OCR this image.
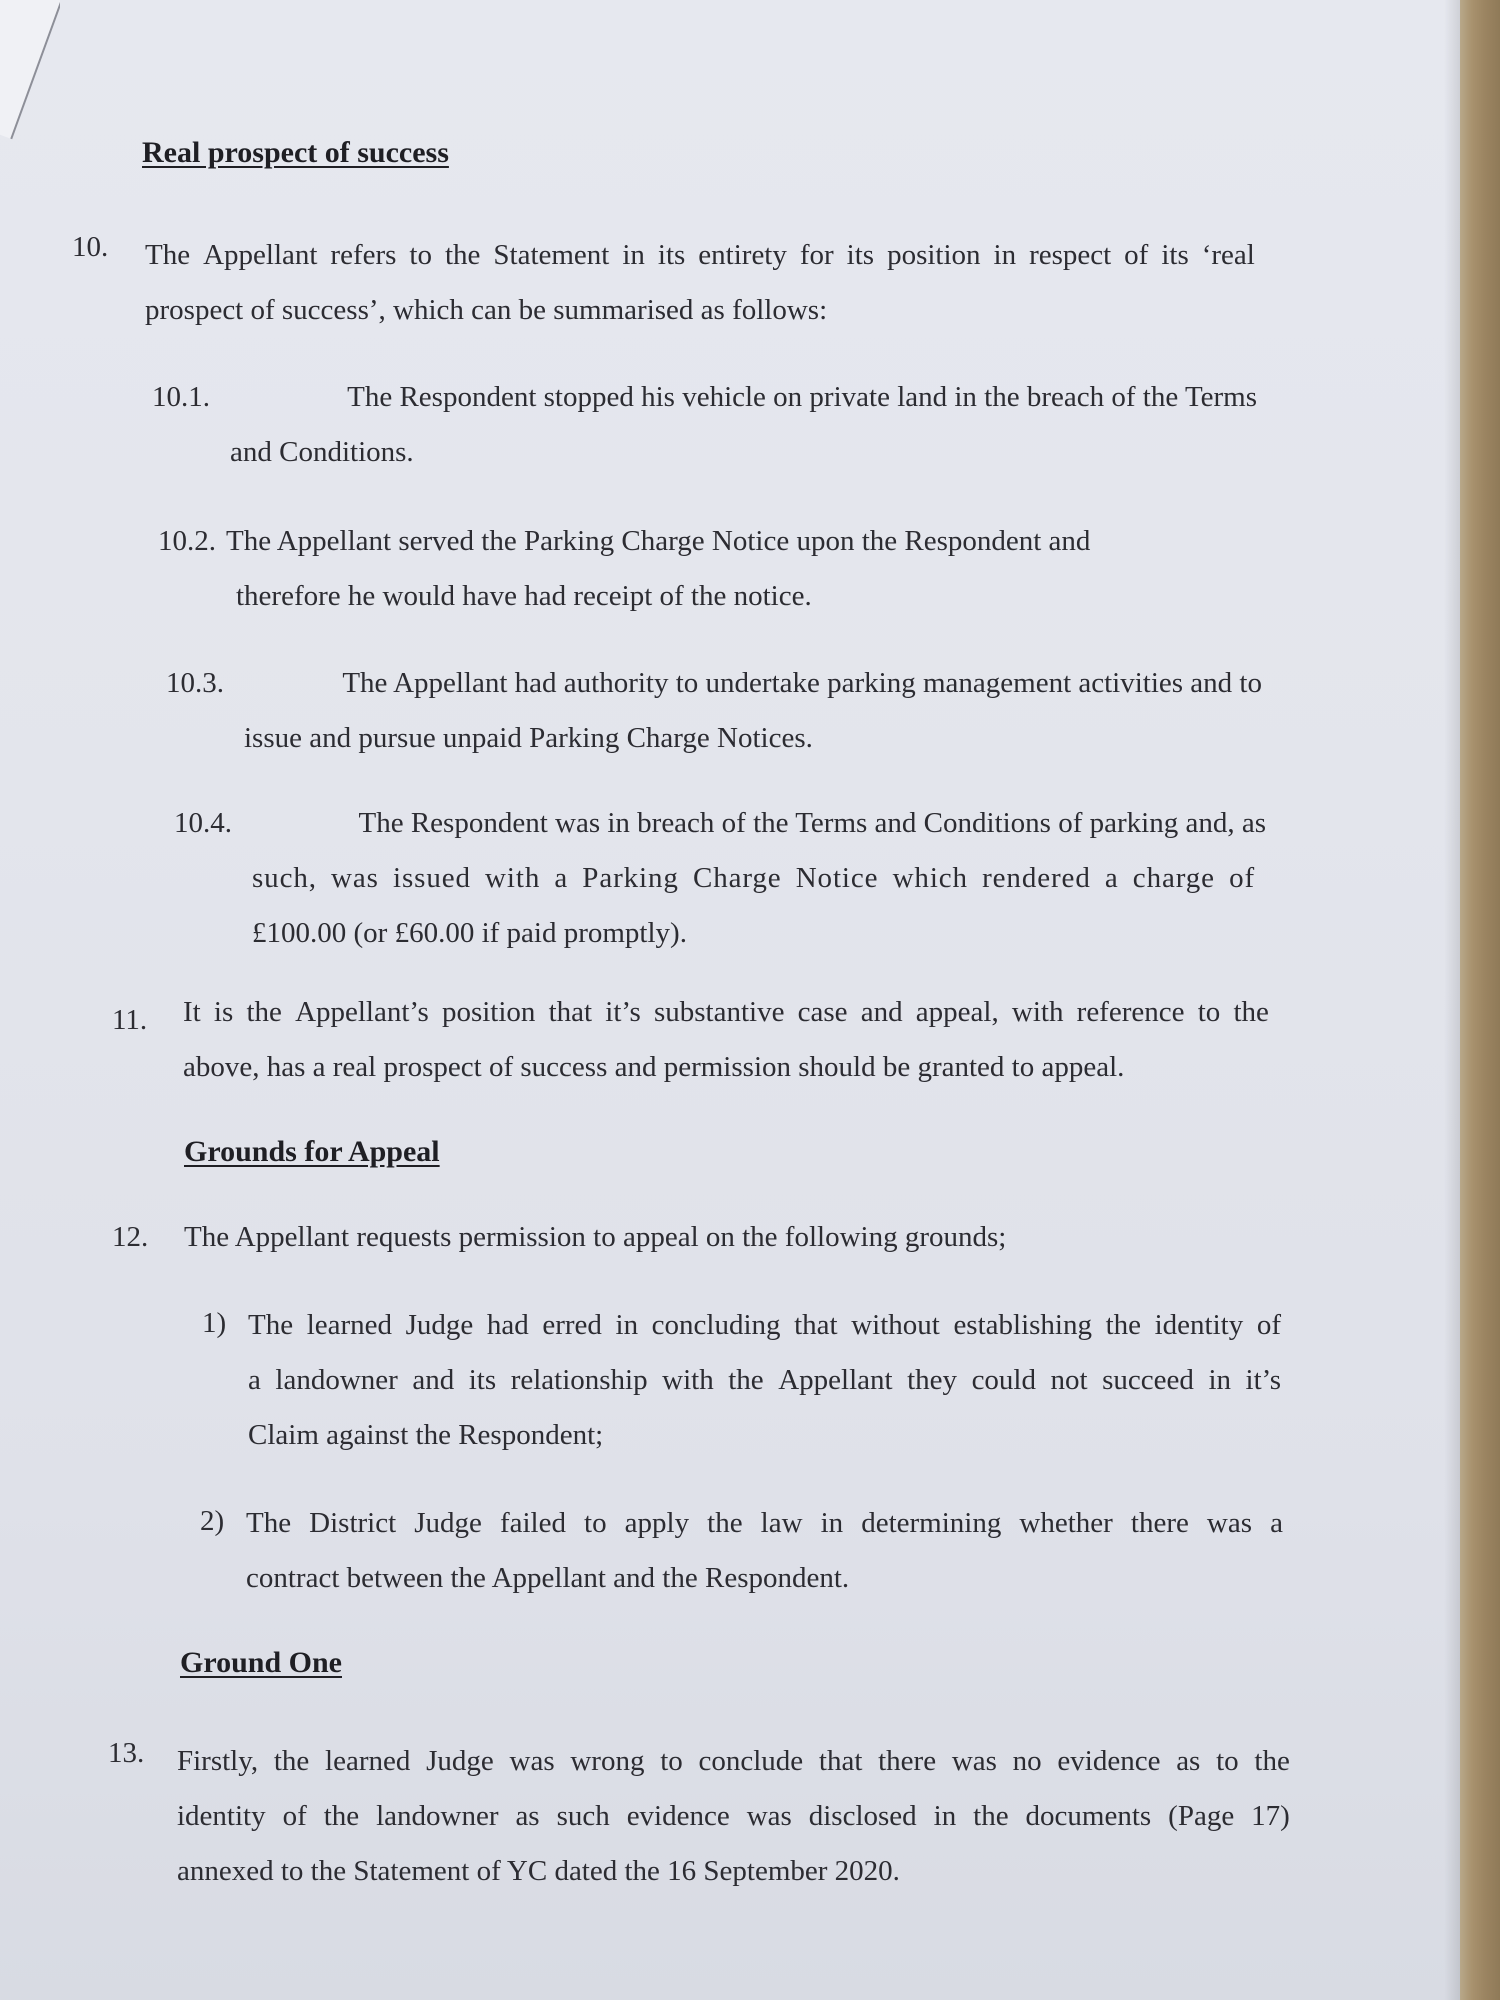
Real prospect of success
10. The Appellant refers to the Statement in its entirety for its position in respect of its ‘real
prospect of success’, which can be summarised as follows:
10.1.	The Respondent stopped his vehicle on private land in the breach of the Terms
and Conditions.
10.2. The Appellant served the Parking Charge Notice upon the Respondent and
therefore he would have had receipt of the notice.
10.3.	The Appellant had authority to undertake parking management activities and to
issue and pursue unpaid Parking Charge Notices.
10.4.	The Respondent was in breach of the Terms and Conditions of parking and, as
such, was issued with a Parking Charge Notice which rendered a charge of
£100.00 (or £60.00 if paid promptly).
11. It is the Appellant’s position that it’s substantive case and appeal, with reference to the
above, has a real prospect of success and permission should be granted to appeal.
Grounds for Appeal
12. The Appellant requests permission to appeal on the following grounds;
1) The learned Judge had erred in concluding that without establishing the identity of
a landowner and its relationship with the Appellant they could not succeed in it’s
Claim against the Respondent;
2) The District Judge failed to apply the law in determining whether there was a
contract between the Appellant and the Respondent.
Ground One
13. Firstly, the learned Judge was wrong to conclude that there was no evidence as to the
identity of the landowner as such evidence was disclosed in the documents (Page 17)
annexed to the Statement of YC dated the 16 September 2020.
